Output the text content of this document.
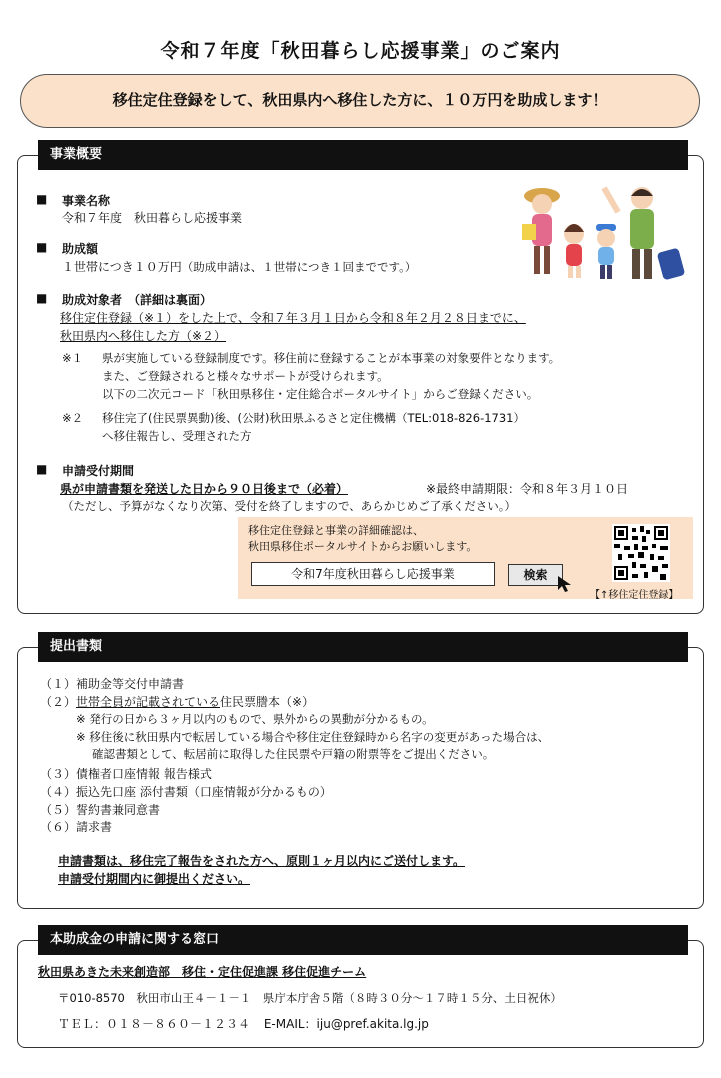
令和７年度「秋田暮らし応援事業」のご案内
移住定住登録をして、秋田県内へ移住した方に、１０万円を助成します！
事業概要
■ 事業名称
令和７年度　秋田暮らし応援事業
■ 助成額
１世帯につき１０万円（助成申請は、１世帯につき１回までです。）
■ 助成対象者　（詳細は裏面）
移住定住登録（※１）をした上で、令和７年３月１日から令和８年２月２８日までに、
秋田県内へ移住した方（※２）
※１ 県が実施している登録制度です。移住前に登録することが本事業の対象要件となります。
また、ご登録されると様々なサポートが受けられます。
以下の二次元コード「秋田県移住・定住総合ポータルサイト」からご登録ください。
※２ 移住完了(住民票異動)後、(公財)秋田県ふるさと定住機構（TEL:018-826-1731）
へ移住報告し、受理された方
■ 申請受付期間
県が申請書類を発送した日から９０日後まで（必着）	※最終申請期限：令和８年３月１０日
（ただし、予算がなくなり次第、受付を終了しますので、あらかじめご了承ください。）
移住定住登録と事業の詳細確認は、
秋田県移住ポータルサイトからお願いします。
令和7年度秋田暮らし応援事業	検索
【↑移住定住登録】
提出書類
（１）補助金等交付申請書
（２）世帯全員が記載されている住民票謄本（※）
※ 発行の日から３ヶ月以内のもので、県外からの異動が分かるもの。
※ 移住後に秋田県内で転居している場合や移住定住登録時から名字の変更があった場合は、
確認書類として、転居前に取得した住民票や戸籍の附票等をご提出ください。
（３）債権者口座情報 報告様式
（４）振込先口座 添付書類（口座情報が分かるもの）
（５）誓約書兼同意書
（６）請求書
申請書類は、移住完了報告をされた方へ、原則１ヶ月以内にご送付します。
申請受付期間内に御提出ください。
本助成金の申請に関する窓口
秋田県あきた未来創造部　移住・定住促進課 移住促進チーム
〒010-8570　秋田市山王４－１－１　県庁本庁舎５階（８時３０分～１７時１５分、土日祝休）
ＴＥＬ：０１８－８６０－１２３４ E-MAIL：iju@pref.akita.lg.jp
